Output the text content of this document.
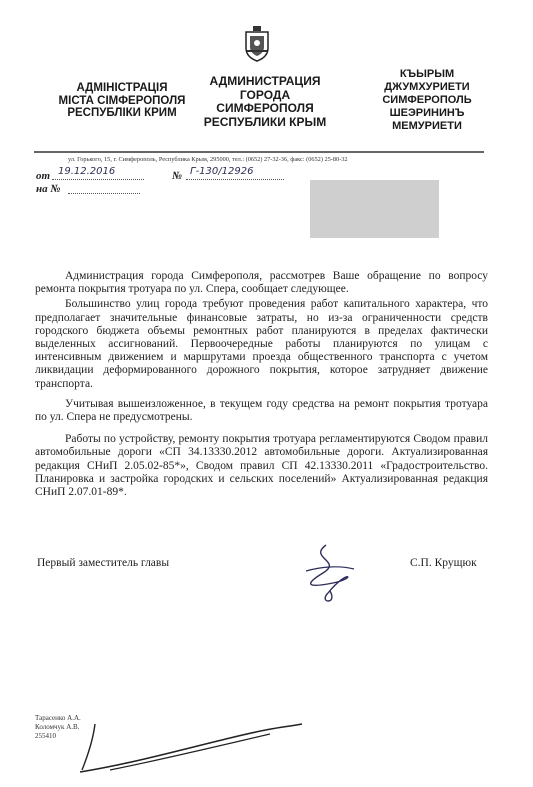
АДМІНІСТРАЦІЯ
МІСТА СІМФЕРОПОЛЯ
РЕСПУБЛІКИ КРИМ
АДМИНИСТРАЦИЯ
ГОРОДА
СИМФЕРОПОЛЯ
РЕСПУБЛИКИ КРЫМ
КЪЫРЫМ
ДЖУМХУРИЕТИ
СИМФЕРОПОЛЬ
ШЕЭРИНИНЪ
МЕМУРИЕТИ
ул. Горького, 15, г. Симферополь, Республика Крым, 295000, тел.: (0652) 27-32-36, факс: (0652) 25-80-32
от 19.12.2016	№ Г-130/12926
на №

Администрация города Симферополя, рассмотрев Ваше обращение по вопросу ремонта покрытия тротуара по ул. Спера, сообщает следующее.

Большинство улиц города требуют проведения работ капитального характера, что предполагает значительные финансовые затраты, но из-за ограниченности средств городского бюджета объемы ремонтных работ планируются в пределах фактически выделенных ассигнований. Первоочередные работы планируются по улицам с интенсивным движением и маршрутами проезда общественного транспорта с учетом ликвидации деформированного дорожного покрытия, которое затрудняет движение транспорта.

Учитывая вышеизложенное, в текущем году средства на ремонт покрытия тротуара по ул. Спера не предусмотрены.

Работы по устройству, ремонту покрытия тротуара регламентируются Сводом правил автомобильные дороги «СП 34.13330.2012 автомобильные дороги. Актуализированная редакция СНиП 2.05.02-85*», Сводом правил СП 42.13330.2011 «Градостроительство. Планировка и застройка городских и сельских поселений» Актуализированная редакция СНиП 2.07.01-89*.

Первый заместитель главы	С.П. Крущюк
Тарасенко А.А.
Коломчук А.В.
255410
